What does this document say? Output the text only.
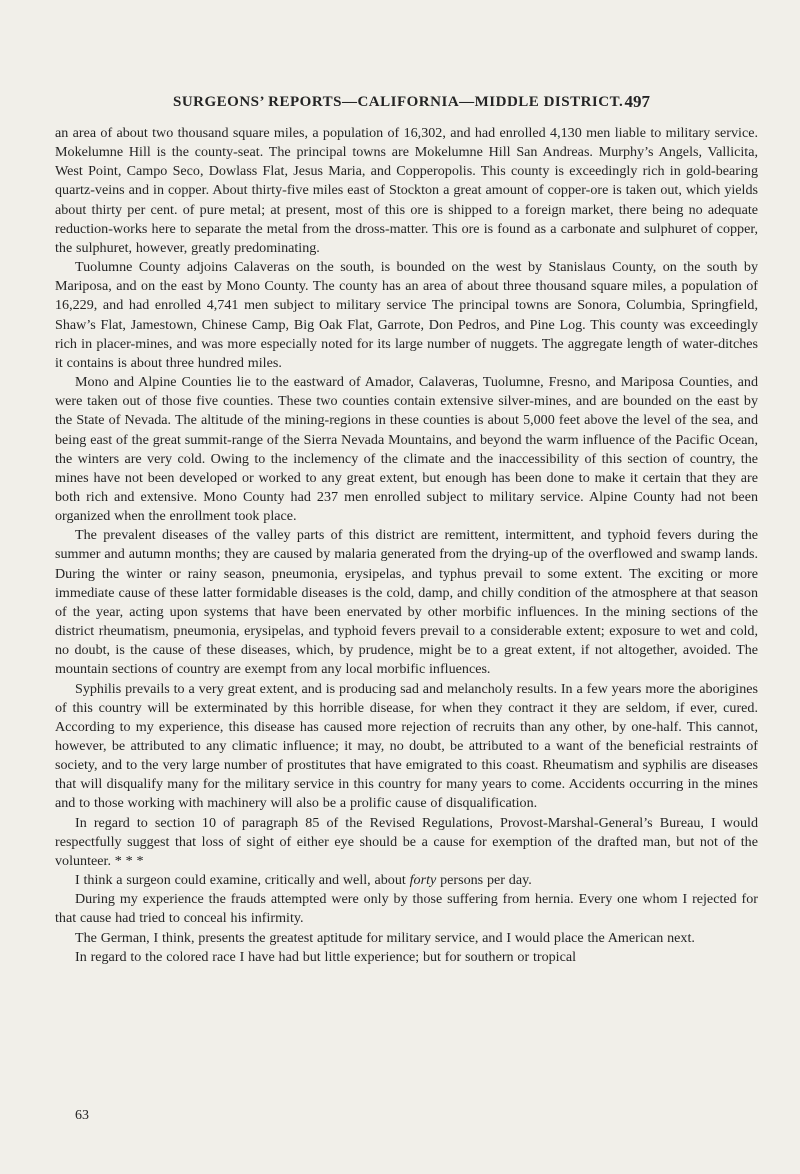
SURGEONS’ REPORTS—CALIFORNIA—MIDDLE DISTRICT. 497

an area of about two thousand square miles, a population of 16,302, and had enrolled 4,130 men liable to military service. Mokelumne Hill is the county-seat. The principal towns are Mokelumne Hill San Andreas. Murphy’s Angels, Vallicita, West Point, Campo Seco, Dowlass Flat, Jesus Maria, and Copperopolis. This county is exceedingly rich in gold-bearing quartz-veins and in copper. About thirty-five miles east of Stockton a great amount of copper-ore is taken out, which yields about thirty per cent. of pure metal; at present, most of this ore is shipped to a foreign market, there being no adequate reduction-works here to separate the metal from the dross-matter. This ore is found as a carbonate and sulphuret of copper, the sulphuret, however, greatly predominating.

Tuolumne County adjoins Calaveras on the south, is bounded on the west by Stanislaus County, on the south by Mariposa, and on the east by Mono County. The county has an area of about three thousand square miles, a population of 16,229, and had enrolled 4,741 men subject to military service The principal towns are Sonora, Columbia, Springfield, Shaw’s Flat, Jamestown, Chinese Camp, Big Oak Flat, Garrote, Don Pedros, and Pine Log. This county was exceedingly rich in placer-mines, and was more especially noted for its large number of nuggets. The aggregate length of water-ditches it contains is about three hundred miles.

Mono and Alpine Counties lie to the eastward of Amador, Calaveras, Tuolumne, Fresno, and Mariposa Counties, and were taken out of those five counties. These two counties contain extensive silver-mines, and are bounded on the east by the State of Nevada. The altitude of the mining-regions in these counties is about 5,000 feet above the level of the sea, and being east of the great summit-range of the Sierra Nevada Mountains, and beyond the warm influence of the Pacific Ocean, the winters are very cold. Owing to the inclemency of the climate and the inaccessibility of this section of country, the mines have not been developed or worked to any great extent, but enough has been done to make it certain that they are both rich and extensive. Mono County had 237 men enrolled subject to military service. Alpine County had not been organized when the enrollment took place.

The prevalent diseases of the valley parts of this district are remittent, intermittent, and typhoid fevers during the summer and autumn months; they are caused by malaria generated from the drying-up of the overflowed and swamp lands. During the winter or rainy season, pneumonia, erysipelas, and typhus prevail to some extent. The exciting or more immediate cause of these latter formidable diseases is the cold, damp, and chilly condition of the atmosphere at that season of the year, acting upon systems that have been enervated by other morbific influences. In the mining sections of the district rheumatism, pneumonia, erysipelas, and typhoid fevers prevail to a considerable extent; exposure to wet and cold, no doubt, is the cause of these diseases, which, by prudence, might be to a great extent, if not altogether, avoided. The mountain sections of country are exempt from any local morbific influences.

Syphilis prevails to a very great extent, and is producing sad and melancholy results. In a few years more the aborigines of this country will be exterminated by this horrible disease, for when they contract it they are seldom, if ever, cured. According to my experience, this disease has caused more rejection of recruits than any other, by one-half. This cannot, however, be attributed to any climatic influence; it may, no doubt, be attributed to a want of the beneficial restraints of society, and to the very large number of prostitutes that have emigrated to this coast. Rheumatism and syphilis are diseases that will disqualify many for the military service in this country for many years to come. Accidents occurring in the mines and to those working with machinery will also be a prolific cause of disqualification.

In regard to section 10 of paragraph 85 of the Revised Regulations, Provost-Marshal-General’s Bureau, I would respectfully suggest that loss of sight of either eye should be a cause for exemption of the drafted man, but not of the volunteer. * * *

I think a surgeon could examine, critically and well, about forty persons per day.

During my experience the frauds attempted were only by those suffering from hernia. Every one whom I rejected for that cause had tried to conceal his infirmity.

The German, I think, presents the greatest aptitude for military service, and I would place the American next.

In regard to the colored race I have had but little experience; but for southern or tropical

63
